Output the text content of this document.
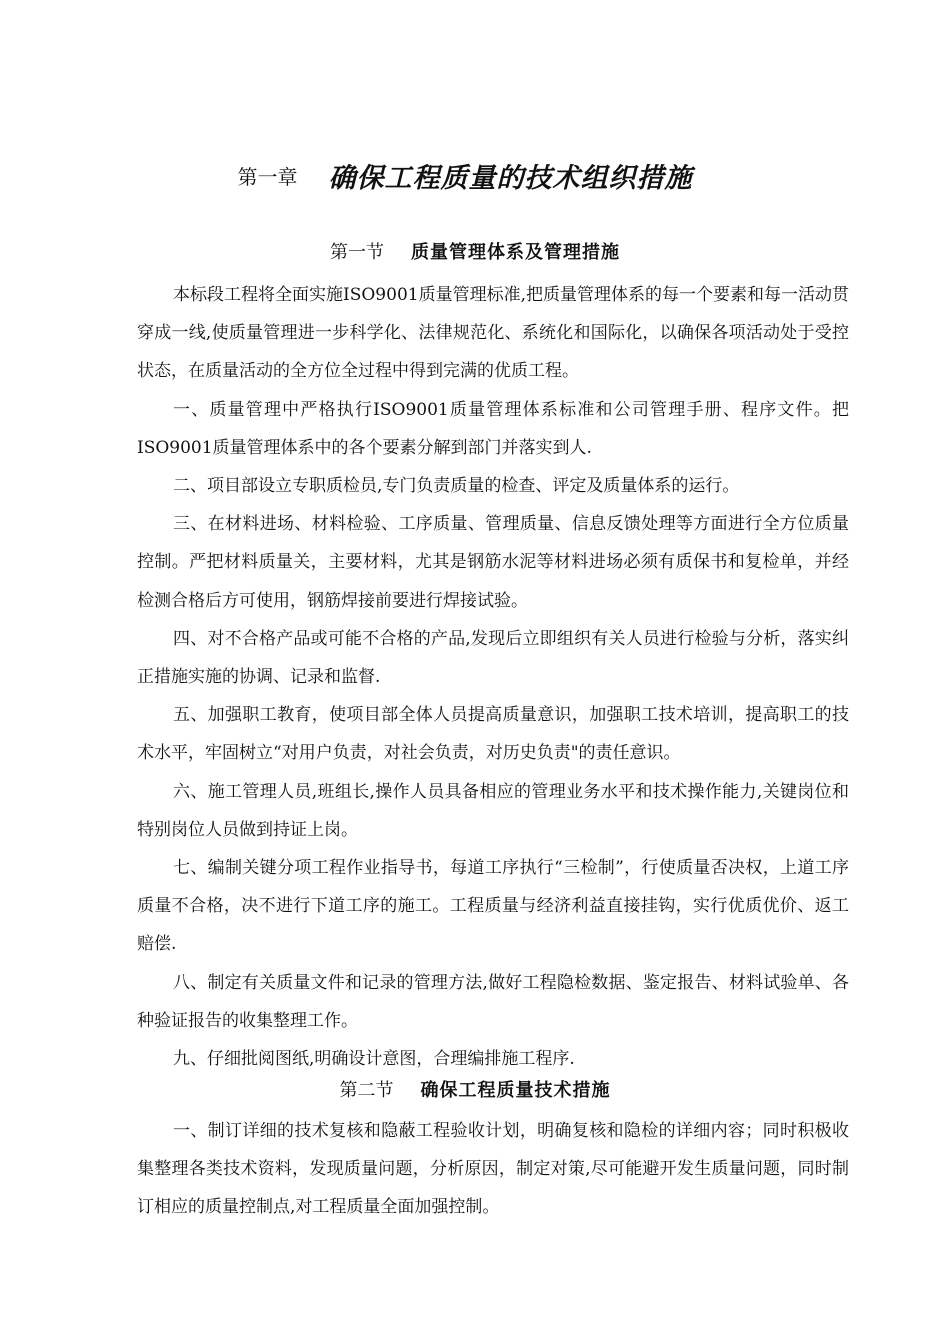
第一章 确保工程质量的技术组织措施
第一节 质量管理体系及管理措施

本标段工程将全面实施ISO9001质量管理标准,把质量管理体系的每一个要素和每一活动贯穿成一线,使质量管理进一步科学化、法律规范化、系统化和国际化，以确保各项活动处于受控状态，在质量活动的全方位全过程中得到完满的优质工程。

一、质量管理中严格执行ISO9001质量管理体系标准和公司管理手册、程序文件。把ISO9001质量管理体系中的各个要素分解到部门并落实到人.

二、项目部设立专职质检员,专门负责质量的检查、评定及质量体系的运行。

三、在材料进场、材料检验、工序质量、管理质量、信息反馈处理等方面进行全方位质量控制。严把材料质量关，主要材料，尤其是钢筋水泥等材料进场必须有质保书和复检单，并经检测合格后方可使用，钢筋焊接前要进行焊接试验。

四、对不合格产品或可能不合格的产品,发现后立即组织有关人员进行检验与分析，落实纠正措施实施的协调、记录和监督.

五、加强职工教育，使项目部全体人员提高质量意识，加强职工技术培训，提高职工的技术水平，牢固树立“对用户负责，对社会负责，对历史负责"的责任意识。

六、施工管理人员,班组长,操作人员具备相应的管理业务水平和技术操作能力,关键岗位和特别岗位人员做到持证上岗。

七、编制关键分项工程作业指导书，每道工序执行“三检制”，行使质量否决权，上道工序质量不合格，决不进行下道工序的施工。工程质量与经济利益直接挂钩，实行优质优价、返工赔偿.

八、制定有关质量文件和记录的管理方法,做好工程隐检数据、鉴定报告、材料试验单、各种验证报告的收集整理工作。

九、仔细批阅图纸,明确设计意图，合理编排施工程序.

第二节 确保工程质量技术措施

一、制订详细的技术复核和隐蔽工程验收计划，明确复核和隐检的详细内容；同时积极收集整理各类技术资料，发现质量问题，分析原因，制定对策,尽可能避开发生质量问题，同时制订相应的质量控制点,对工程质量全面加强控制。
